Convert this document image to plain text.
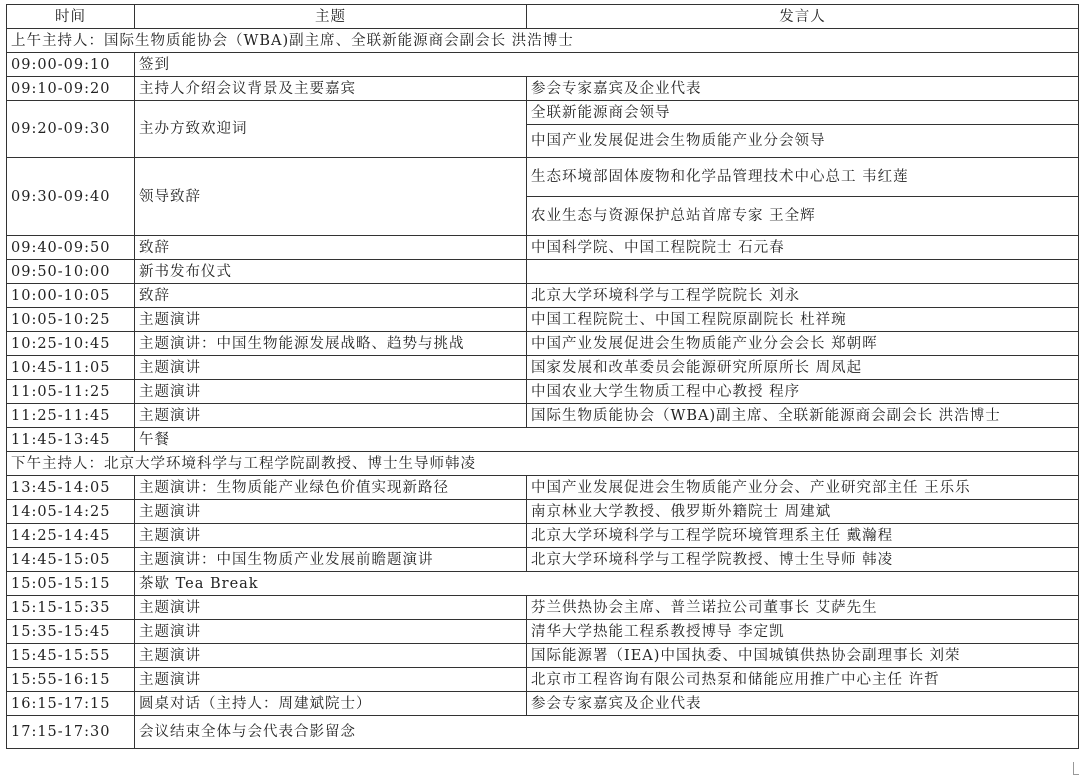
时间	主题	发言人
上午主持人：国际生物质能协会（WBA)副主席、全联新能源商会副会长 洪浩博士		
09:00-09:10	签到	
09:10-09:20	主持人介绍会议背景及主要嘉宾	参会专家嘉宾及企业代表
09:20-09:30	主办方致欢迎词	全联新能源商会领导
		中国产业发展促进会生物质能产业分会领导
09:30-09:40	领导致辞	生态环境部固体废物和化学品管理技术中心总工 韦红莲
		农业生态与资源保护总站首席专家 王全辉
09:40-09:50	致辞	中国科学院、中国工程院院士 石元春
09:50-10:00	新书发布仪式	
10:00-10:05	致辞	北京大学环境科学与工程学院院长 刘永
10:05-10:25	主题演讲	中国工程院院士、中国工程院原副院长 杜祥琬
10:25-10:45	主题演讲：中国生物能源发展战略、趋势与挑战	中国产业发展促进会生物质能产业分会会长 郑朝晖
10:45-11:05	主题演讲	国家发展和改革委员会能源研究所原所长 周凤起
11:05-11:25	主题演讲	中国农业大学生物质工程中心教授 程序
11:25-11:45	主题演讲	国际生物质能协会（WBA)副主席、全联新能源商会副会长 洪浩博士
11:45-13:45	午餐	
下午主持人：北京大学环境科学与工程学院副教授、博士生导师韩凌		
13:45-14:05	主题演讲：生物质能产业绿色价值实现新路径	中国产业发展促进会生物质能产业分会、产业研究部主任 王乐乐
14:05-14:25	主题演讲	南京林业大学教授、俄罗斯外籍院士 周建斌
14:25-14:45	主题演讲	北京大学环境科学与工程学院环境管理系主任 戴瀚程
14:45-15:05	主题演讲：中国生物质产业发展前瞻题演讲	北京大学环境科学与工程学院教授、博士生导师 韩凌
15:05-15:15	茶歇 Tea Break	
15:15-15:35	主题演讲	芬兰供热协会主席、普兰诺拉公司董事长 艾萨先生
15:35-15:45	主题演讲	清华大学热能工程系教授博导 李定凯
15:45-15:55	主题演讲	国际能源署（IEA)中国执委、中国城镇供热协会副理事长 刘荣
15:55-16:15	主题演讲	北京市工程咨询有限公司热泵和储能应用推广中心主任 许哲
16:15-17:15	圆桌对话（主持人：周建斌院士）	参会专家嘉宾及企业代表
17:15-17:30	会议结束全体与会代表合影留念	
